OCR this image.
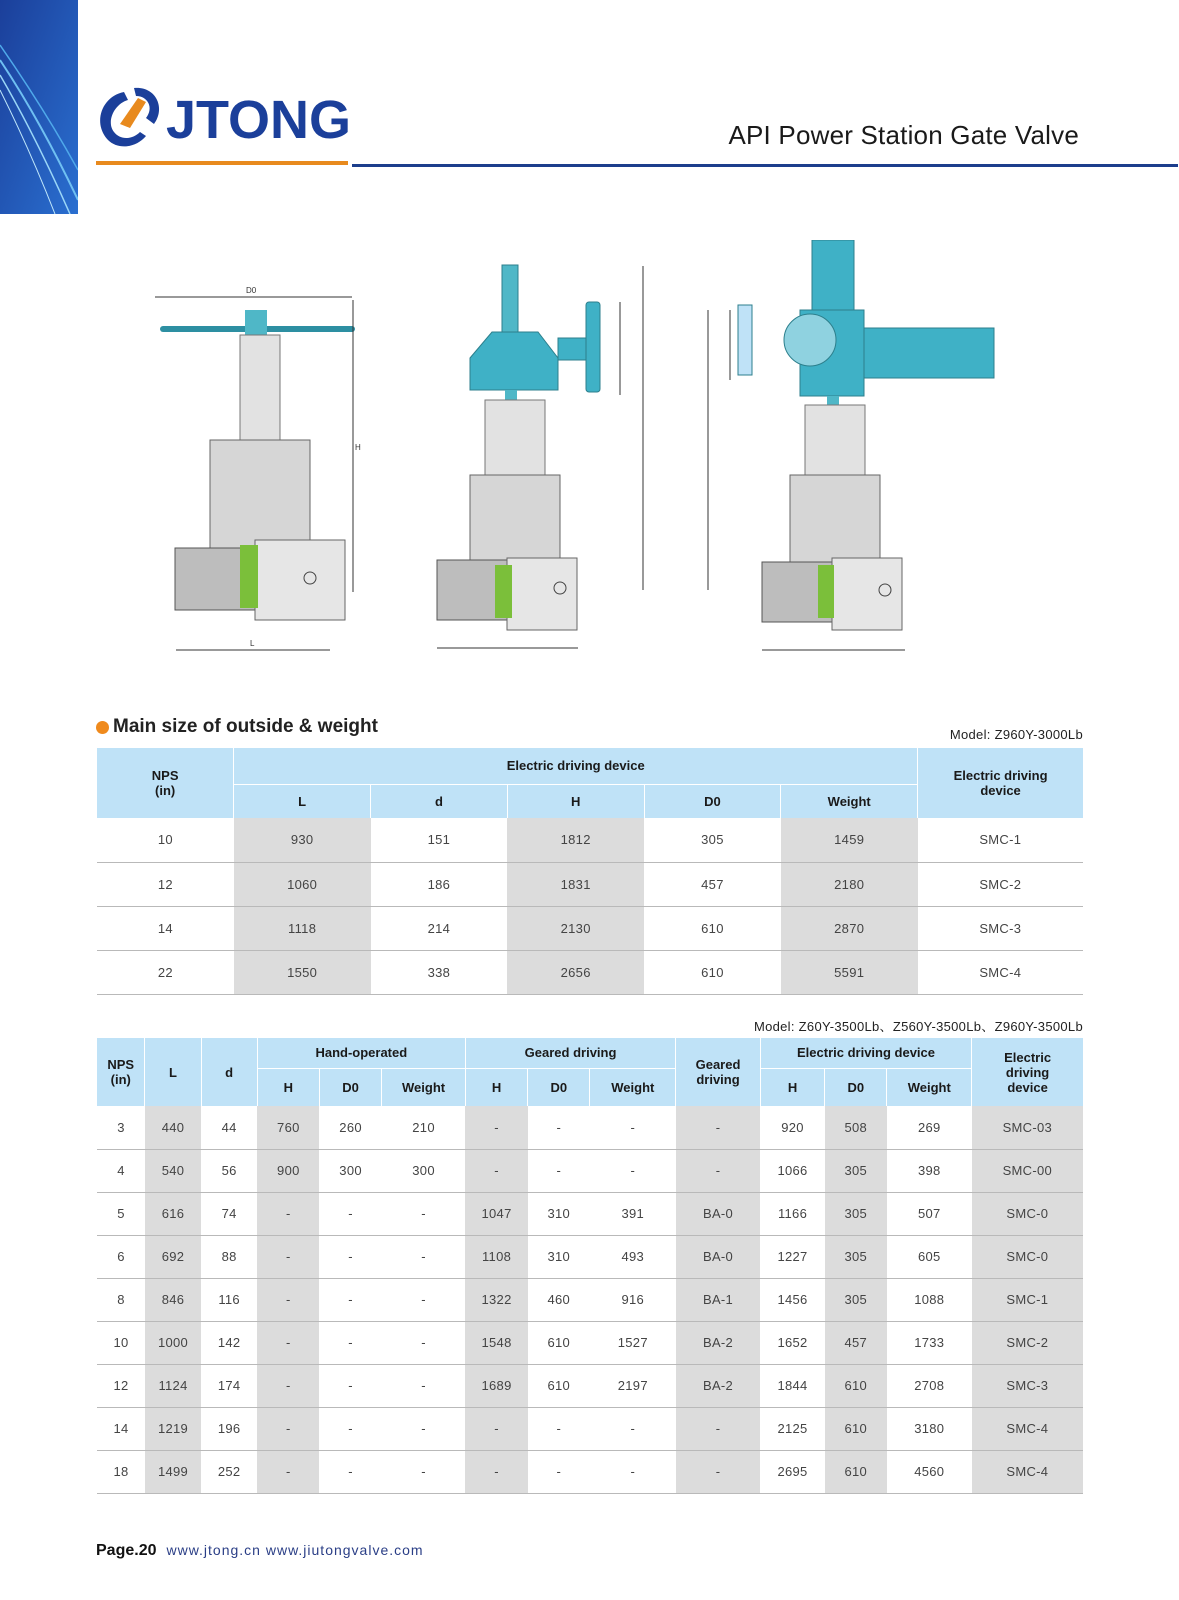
JTONG	API Power Station Gate Valve
D0
H
L
Main size of outside & weight	Model: Z960Y-3000Lb
NPS
(in)	Electric driving device					Electric driving device
	L	d	H	D0	Weight	
10	930	151	1812	305	1459	SMC-1
12	1060	186	1831	457	2180	SMC-2
14	1118	214	2130	610	2870	SMC-3
22	1550	338	2656	610	5591	SMC-4
Model: Z60Y-3500Lb、Z560Y-3500Lb、Z960Y-3500Lb
NPS
(in)	L	d	Hand-operated			Geared driving			Geared driving	Electric driving device			Electric driving device
			H	D0	Weight	H	D0	Weight		H	D0	Weight	
3	440	44	760	260	210	-	-	-	-	920	508	269	SMC-03
4	540	56	900	300	300	-	-	-	-	1066	305	398	SMC-00
5	616	74	-	-	-	1047	310	391	BA-0	1166	305	507	SMC-0
6	692	88	-	-	-	1108	310	493	BA-0	1227	305	605	SMC-0
8	846	116	-	-	-	1322	460	916	BA-1	1456	305	1088	SMC-1
10	1000	142	-	-	-	1548	610	1527	BA-2	1652	457	1733	SMC-2
12	1124	174	-	-	-	1689	610	2197	BA-2	1844	610	2708	SMC-3
14	1219	196	-	-	-	-	-	-	-	2125	610	3180	SMC-4
18	1499	252	-	-	-	-	-	-	-	2695	610	4560	SMC-4
Page.20 www.jtong.cn www.jiutongvalve.com
